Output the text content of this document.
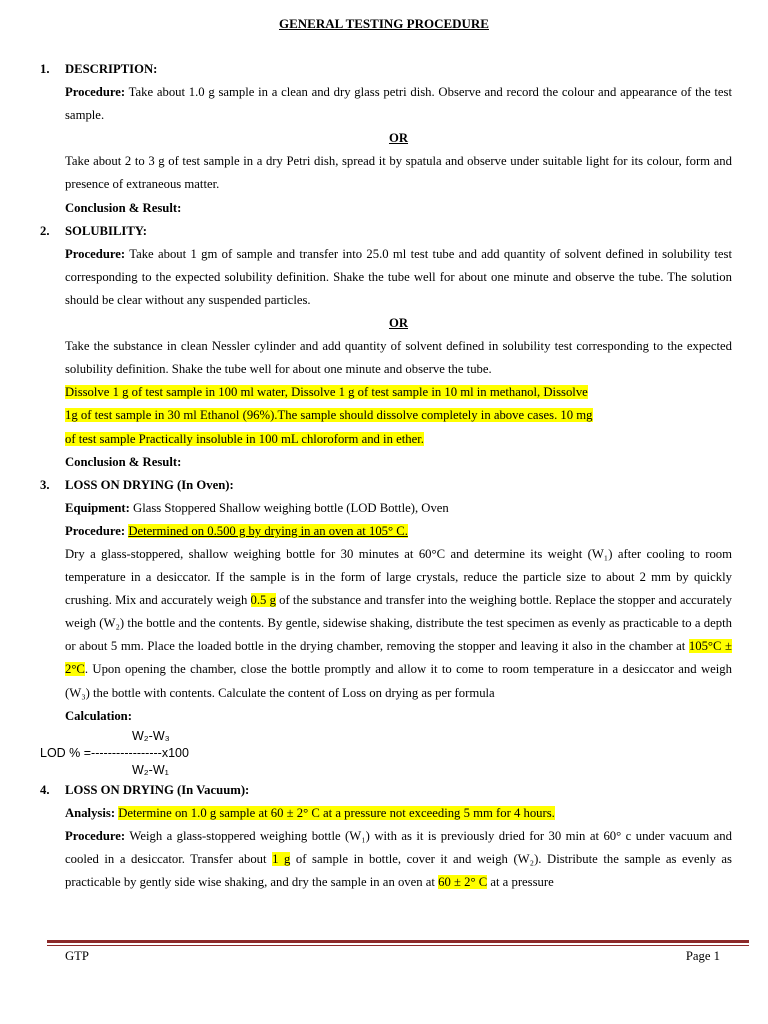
GENERAL TESTING PROCEDURE
1.	DESCRIPTION:

Procedure: Take about 1.0 g sample in a clean and dry glass petri dish. Observe and record the colour and appearance of the test sample.

OR

Take about 2 to 3 g of test sample in a dry Petri dish, spread it by spatula and observe under suitable light for its colour, form and presence of extraneous matter.

Conclusion & Result:

2.	SOLUBILITY:

Procedure: Take about 1 gm of sample and transfer into 25.0 ml test tube and add quantity of solvent defined in solubility test corresponding to the expected solubility definition. Shake the tube well for about one minute and observe the tube. The solution should be clear without any suspended particles.

OR

Take the substance in clean Nessler cylinder and add quantity of solvent defined in solubility test corresponding to the expected solubility definition. Shake the tube well for about one minute and observe the tube.

Dissolve 1 g of test sample in 100 ml water, Dissolve 1 g of test sample in 10 ml in methanol, Dissolve

1g of test sample in 30 ml Ethanol (96%).The sample should dissolve completely in above cases. 10 mg

of test sample Practically insoluble in 100 mL chloroform and in ether.

Conclusion & Result:

3.	LOSS ON DRYING (In Oven):

Equipment: Glass Stoppered Shallow weighing bottle (LOD Bottle), Oven

Procedure: Determined on 0.500 g by drying in an oven at 105° C.

Dry a glass-stoppered, shallow weighing bottle for 30 minutes at 60°C and determine its weight (W₁) after cooling to room temperature in a desiccator. If the sample is in the form of large crystals, reduce the particle size to about 2 mm by quickly crushing. Mix and accurately weigh 0.5 g of the substance and transfer into the weighing bottle. Replace the stopper and accurately weigh (W₂) the bottle and the contents. By gentle, sidewise shaking, distribute the test specimen as evenly as practicable to a depth or about 5 mm. Place the loaded bottle in the drying chamber, removing the stopper and leaving it also in the chamber at 105°C ± 2°C. Upon opening the chamber, close the bottle promptly and allow it to come to room temperature in a desiccator and weigh (W₃) the bottle with contents. Calculate the content of Loss on drying as per formula

Calculation:

W₂-W₃
LOD % =-----------------x100
W₂-W₁
4.	LOSS ON DRYING (In Vacuum):

Analysis: Determine on 1.0 g sample at 60 ± 2° C at a pressure not exceeding 5 mm for 4 hours.

Procedure: Weigh a glass-stoppered weighing bottle (W₁) with as it is previously dried for 30 min at 60° c under vacuum and cooled in a desiccator. Transfer about 1 g of sample in bottle, cover it and weigh (W₂). Distribute the sample as evenly as practicable by gently side wise shaking, and dry the sample in an oven at 60 ± 2° C at a pressure

GTP	Page 1
